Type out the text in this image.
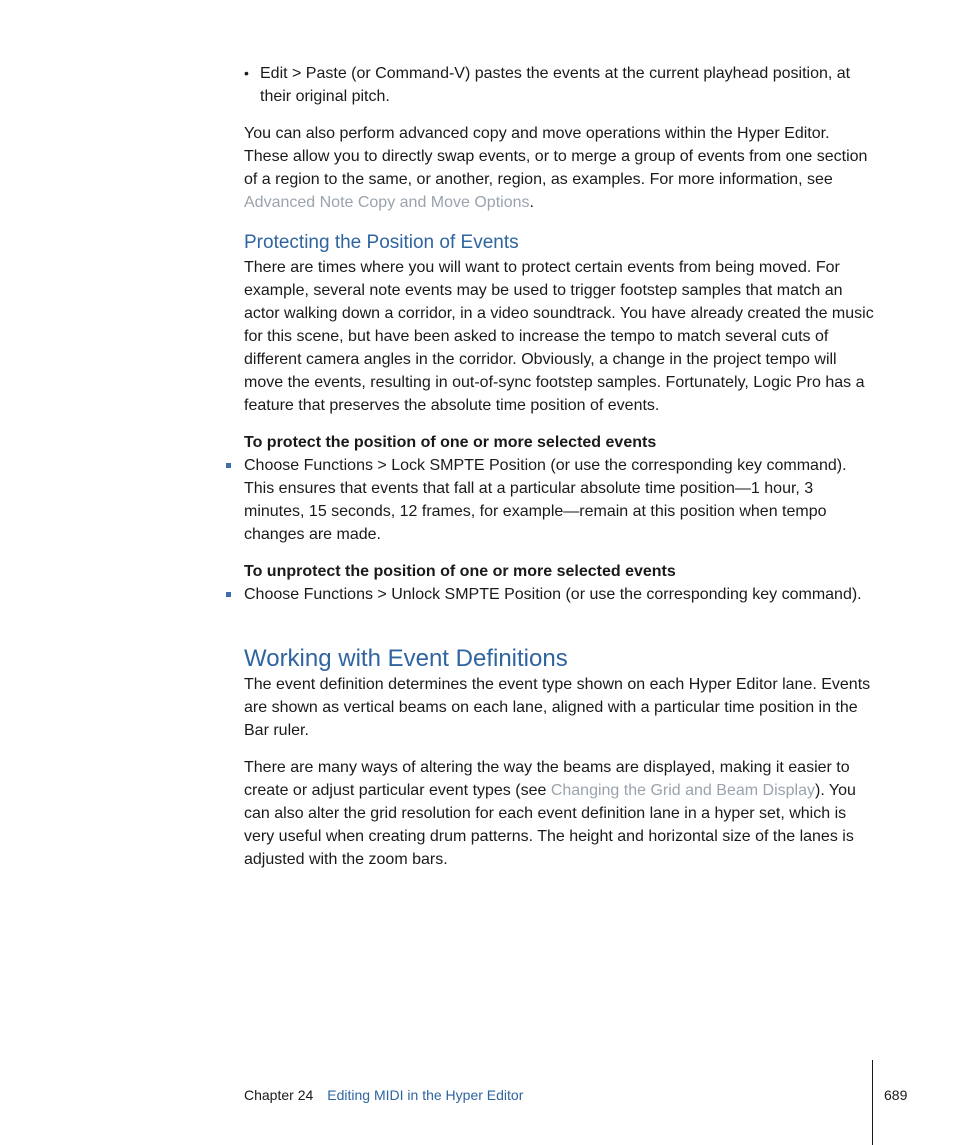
• Edit > Paste (or Command-V) pastes the events at the current playhead position, at their original pitch.

You can also perform advanced copy and move operations within the Hyper Editor. These allow you to directly swap events, or to merge a group of events from one section of a region to the same, or another, region, as examples. For more information, see Advanced Note Copy and Move Options.

Protecting the Position of Events

There are times where you will want to protect certain events from being moved. For example, several note events may be used to trigger footstep samples that match an actor walking down a corridor, in a video soundtrack. You have already created the music for this scene, but have been asked to increase the tempo to match several cuts of different camera angles in the corridor. Obviously, a change in the project tempo will move the events, resulting in out-of-sync footstep samples. Fortunately, Logic Pro has a feature that preserves the absolute time position of events.

To protect the position of one or more selected events

Choose Functions > Lock SMPTE Position (or use the corresponding key command). This ensures that events that fall at a particular absolute time position—1 hour, 3 minutes, 15 seconds, 12 frames, for example—remain at this position when tempo changes are made.

To unprotect the position of one or more selected events

Choose Functions > Unlock SMPTE Position (or use the corresponding key command).
Working with Event Definitions

The event definition determines the event type shown on each Hyper Editor lane. Events are shown as vertical beams on each lane, aligned with a particular time position in the Bar ruler.

There are many ways of altering the way the beams are displayed, making it easier to create or adjust particular event types (see Changing the Grid and Beam Display). You can also alter the grid resolution for each event definition lane in a hyper set, which is very useful when creating drum patterns. The height and horizontal size of the lanes is adjusted with the zoom bars.

Chapter 24 Editing MIDI in the Hyper Editor	689
